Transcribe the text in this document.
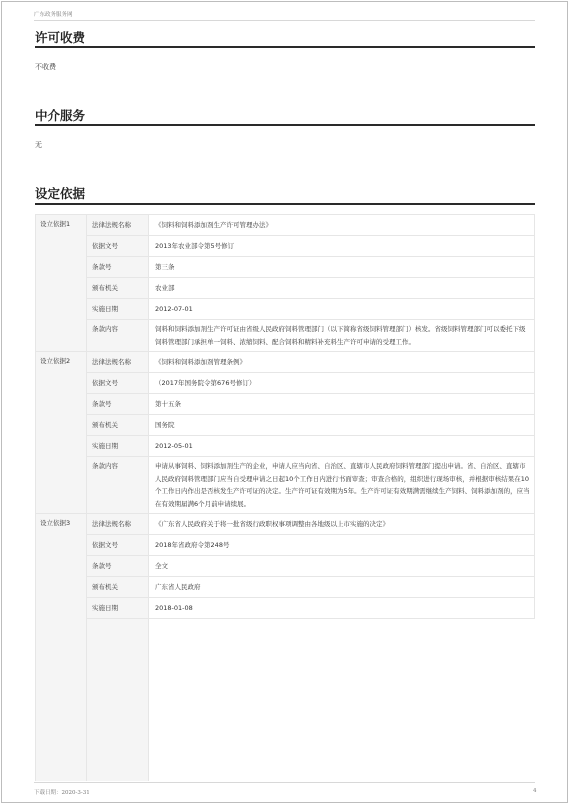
广东政务服务网
许可收费
不收费
中介服务
无
设定依据
设立依据1	法律法规名称	《饲料和饲料添加剂生产许可管理办法》
	依据文号	2013年农业部令第5号修订
	条款号	第三条
	颁布机关	农业部
	实施日期	2012-07-01
	条款内容	饲料和饲料添加剂生产许可证由省级人民政府饲料管理部门（以下简称省级饲料管理部门）核发。省级饲料管理部门可以委托下级饲料管理部门承担单一饲料、浓缩饲料、配合饲料和精料补充料生产许可申请的受理工作。
设立依据2	法律法规名称	《饲料和饲料添加剂管理条例》
	依据文号	（2017年国务院令第676号修订）
	条款号	第十五条
	颁布机关	国务院
	实施日期	2012-05-01
	条款内容	申请从事饲料、饲料添加剂生产的企业，申请人应当向省、自治区、直辖市人民政府饲料管理部门提出申请。省、自治区、直辖市人民政府饲料管理部门应当自受理申请之日起10个工作日内进行书面审查；审查合格的，组织进行现场审核，并根据审核结果在10个工作日内作出是否核发生产许可证的决定。生产许可证有效期为5年。生产许可证有效期满需继续生产饲料、饲料添加剂的，应当在有效期届满6个月前申请续展。
设立依据3	法律法规名称	《广东省人民政府关于将一批省级行政职权事项调整由各地级以上市实施的决定》
	依据文号	2018年省政府令第248号
	条款号	全文
	颁布机关	广东省人民政府
	实施日期	2018-01-08

下载日期：2020-3-31	4
